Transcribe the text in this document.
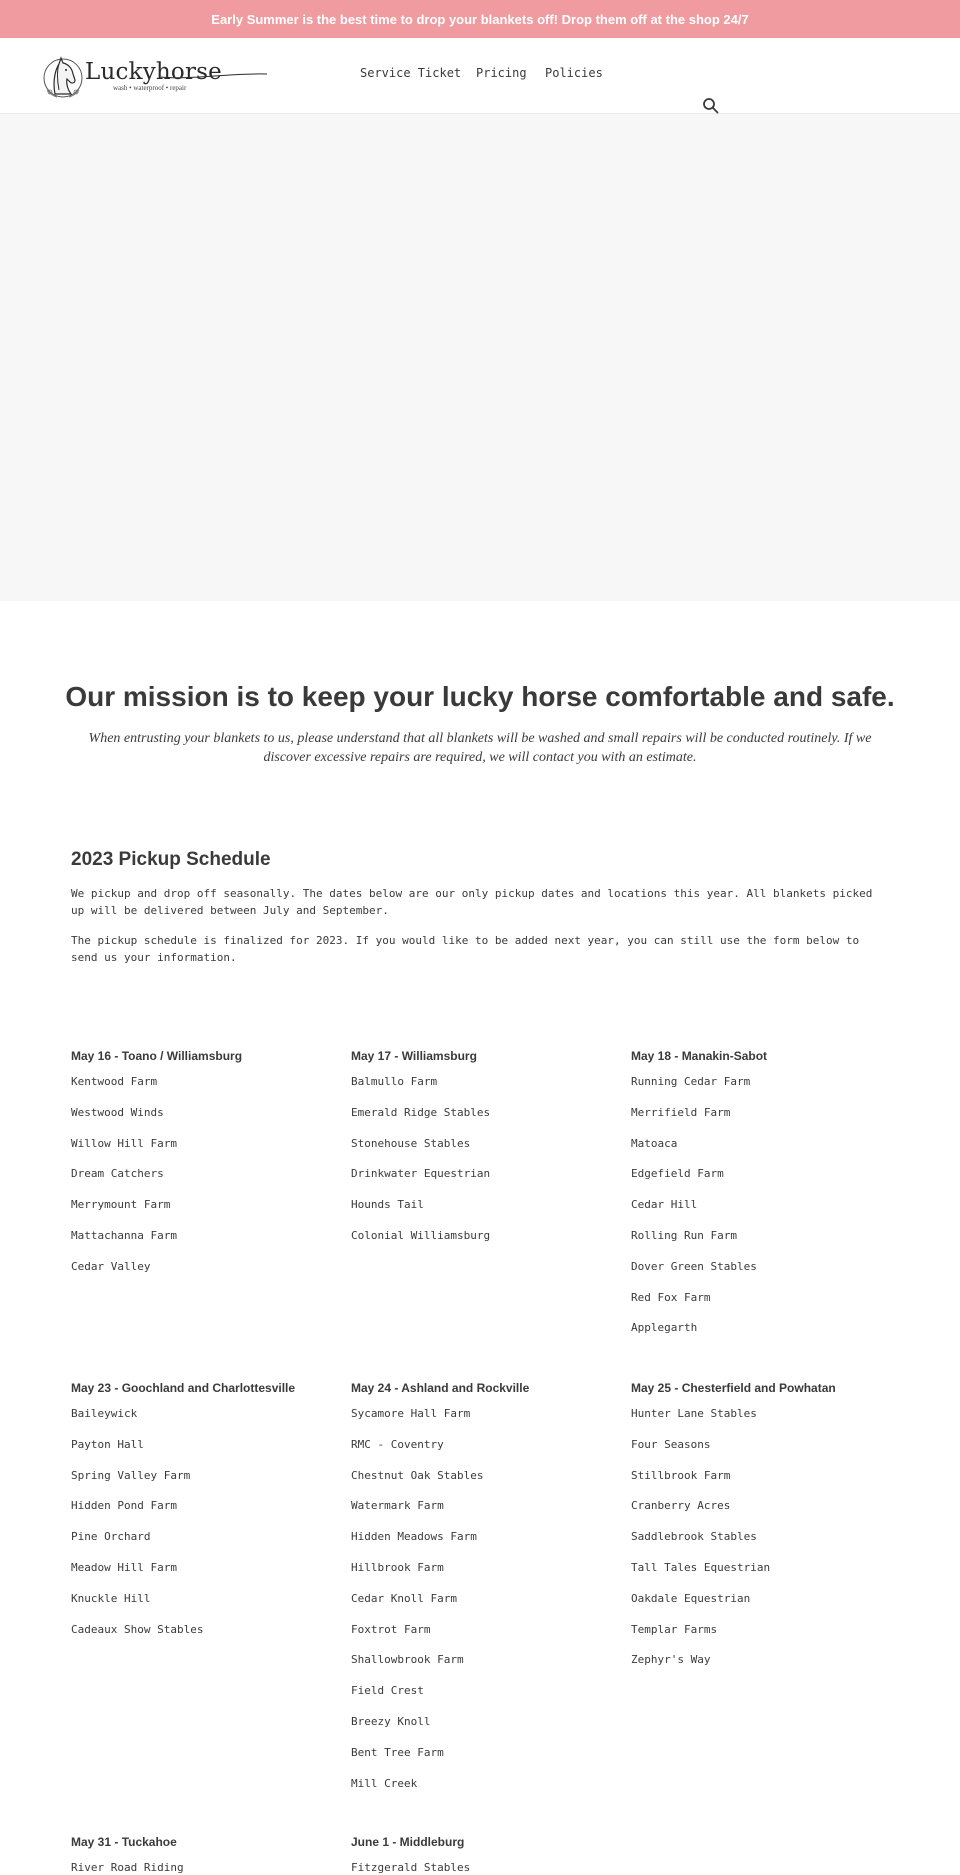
Early Summer is the best time to drop your blankets off! Drop them off at the shop 24/7
Luckyhorse
wash • waterproof • repair
Service Ticket Pricing Policies
Our mission is to keep your lucky horse comfortable and safe.

When entrusting your blankets to us, please understand that all blankets will be washed and small repairs will be conducted routinely. If we discover excessive repairs are required, we will contact you with an estimate.

2023 Pickup Schedule

We pickup and drop off seasonally. The dates below are our only pickup dates and locations this year. All blankets picked up will be delivered between July and September.

The pickup schedule is finalized for 2023. If you would like to be added next year, you can still use the form below to send us your information.

May 16 - Toano / Williamsburg
Kentwood Farm
Westwood Winds
Willow Hill Farm
Dream Catchers
Merrymount Farm
Mattachanna Farm
Cedar Valley
May 17 - Williamsburg
Balmullo Farm
Emerald Ridge Stables
Stonehouse Stables
Drinkwater Equestrian
Hounds Tail
Colonial Williamsburg
May 18 - Manakin-Sabot
Running Cedar Farm
Merrifield Farm
Matoaca
Edgefield Farm
Cedar Hill
Rolling Run Farm
Dover Green Stables
Red Fox Farm
Applegarth
May 23 - Goochland and Charlottesville
Baileywick
Payton Hall
Spring Valley Farm
Hidden Pond Farm
Pine Orchard
Meadow Hill Farm
Knuckle Hill
Cadeaux Show Stables
May 24 - Ashland and Rockville
Sycamore Hall Farm
RMC - Coventry
Chestnut Oak Stables
Watermark Farm
Hidden Meadows Farm
Hillbrook Farm
Cedar Knoll Farm
Foxtrot Farm
Shallowbrook Farm
Field Crest
Breezy Knoll
Bent Tree Farm
Mill Creek
May 25 - Chesterfield and Powhatan
Hunter Lane Stables
Four Seasons
Stillbrook Farm
Cranberry Acres
Saddlebrook Stables
Tall Tales Equestrian
Oakdale Equestrian
Templar Farms
Zephyr's Way
May 31 - Tuckahoe
River Road Riding
June 1 - Middleburg
Fitzgerald Stables
